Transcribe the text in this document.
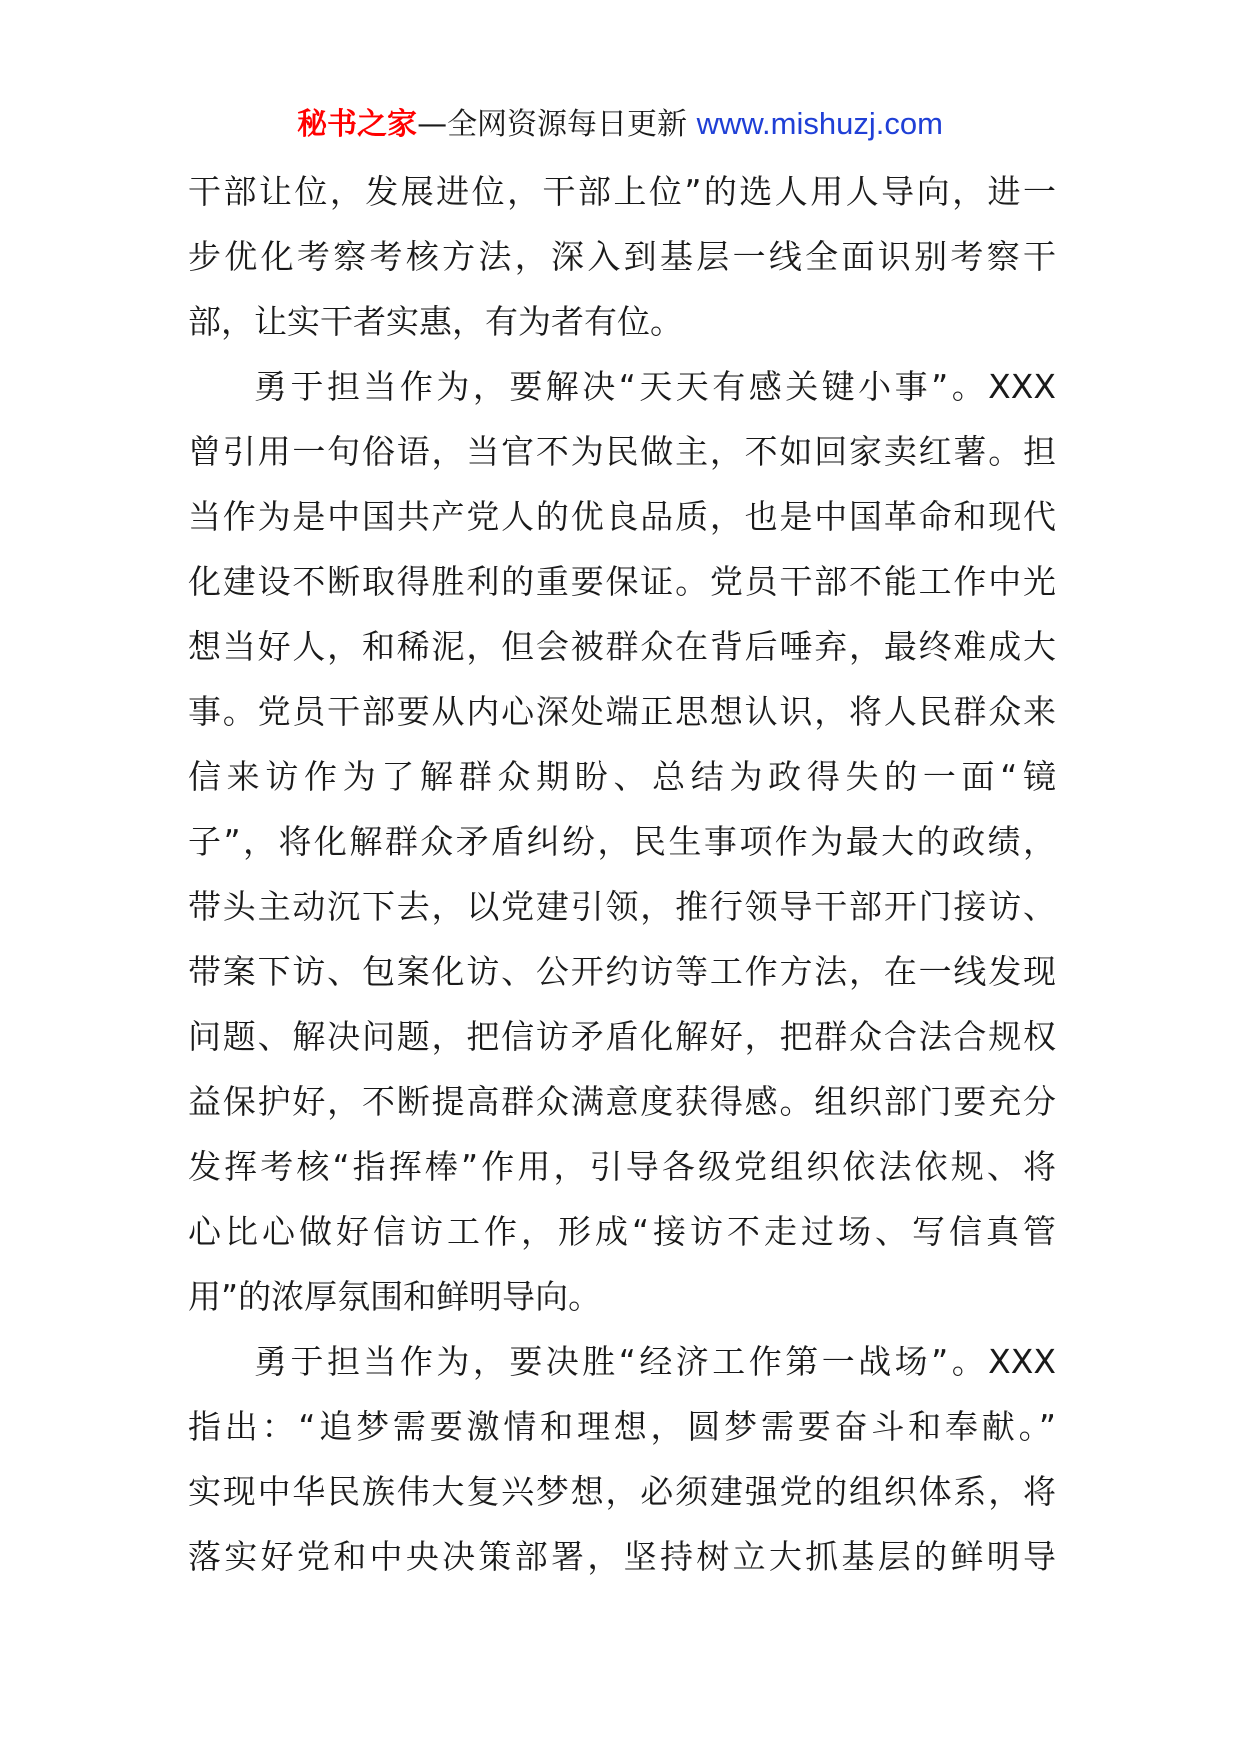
秘书之家—全网资源每日更新 www.mishuzj.com
干部让位，发展进位，干部上位”的选人用人导向，进一
步优化考察考核方法，深入到基层一线全面识别考察干
部，让实干者实惠，有为者有位。
勇于担当作为，要解决“天天有感关键小事”。XXX
曾引用一句俗语，当官不为民做主，不如回家卖红薯。担
当作为是中国共产党人的优良品质，也是中国革命和现代
化建设不断取得胜利的重要保证。党员干部不能工作中光
想当好人，和稀泥，但会被群众在背后唾弃，最终难成大
事。党员干部要从内心深处端正思想认识，将人民群众来
信来访作为了解群众期盼、总结为政得失的一面“镜
子”，将化解群众矛盾纠纷，民生事项作为最大的政绩，
带头主动沉下去，以党建引领，推行领导干部开门接访、
带案下访、包案化访、公开约访等工作方法，在一线发现
问题、解决问题，把信访矛盾化解好，把群众合法合规权
益保护好，不断提高群众满意度获得感。组织部门要充分
发挥考核“指挥棒”作用，引导各级党组织依法依规、将
心比心做好信访工作，形成“接访不走过场、写信真管
用”的浓厚氛围和鲜明导向。
勇于担当作为，要决胜“经济工作第一战场”。XXX
指出：“追梦需要激情和理想，圆梦需要奋斗和奉献。”
实现中华民族伟大复兴梦想，必须建强党的组织体系，将
落实好党和中央决策部署，坚持树立大抓基层的鲜明导
